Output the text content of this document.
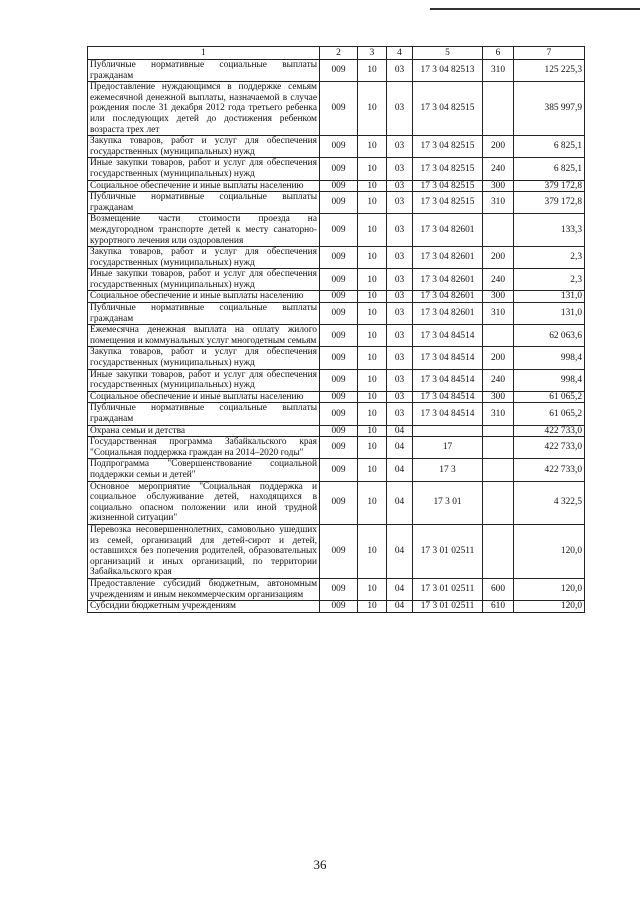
1	2	3	4	5	6	7
Публичные нормативные социальные выплаты гражданам	009	10	03	17 3 04 82513	310	125 225,3
Предоставление нуждающимся в поддержке семьям ежемесячной денежной выплаты, назначаемой в случае рождения после 31 декабря 2012 года третьего ребенка или последующих детей до достижения ребенком возраста трех лет	009	10	03	17 3 04 82515		385 997,9
Закупка товаров, работ и услуг для обеспечения государственных (муниципальных) нужд	009	10	03	17 3 04 82515	200	6 825,1
Иные закупки товаров, работ и услуг для обеспечения государственных (муниципальных) нужд	009	10	03	17 3 04 82515	240	6 825,1
Социальное обеспечение и иные выплаты населению	009	10	03	17 3 04 82515	300	379 172,8
Публичные нормативные социальные выплаты гражданам	009	10	03	17 3 04 82515	310	379 172,8
Возмещение части стоимости проезда на междугородном транспорте детей к месту санаторно-курортного лечения или оздоровления	009	10	03	17 3 04 82601		133,3
Закупка товаров, работ и услуг для обеспечения государственных (муниципальных) нужд	009	10	03	17 3 04 82601	200	2,3
Иные закупки товаров, работ и услуг для обеспечения государственных (муниципальных) нужд	009	10	03	17 3 04 82601	240	2,3
Социальное обеспечение и иные выплаты населению	009	10	03	17 3 04 82601	300	131,0
Публичные нормативные социальные выплаты гражданам	009	10	03	17 3 04 82601	310	131,0
Ежемесячна денежная выплата на оплату жилого помещения и коммунальных услуг многодетным семьям	009	10	03	17 3 04 84514		62 063,6
Закупка товаров, работ и услуг для обеспечения государственных (муниципальных) нужд	009	10	03	17 3 04 84514	200	998,4
Иные закупки товаров, работ и услуг для обеспечения государственных (муниципальных) нужд	009	10	03	17 3 04 84514	240	998,4
Социальное обеспечение и иные выплаты населению	009	10	03	17 3 04 84514	300	61 065,2
Публичные нормативные социальные выплаты гражданам	009	10	03	17 3 04 84514	310	61 065,2
Охрана семьи и детства	009	10	04			422 733,0
Государственная программа Забайкальского края "Социальная поддержка граждан на 2014–2020 годы"	009	10	04	17		422 733,0
Подпрограмма "Совершенствование социальной поддержки семьи и детей"	009	10	04	17 3		422 733,0
Основное мероприятие "Социальная поддержка и социальное обслуживание детей, находящихся в социально опасном положении или иной трудной жизненной ситуации"	009	10	04	17 3 01		4 322,5
Перевозка несовершеннолетних, самовольно ушедших из семей, организаций для детей-сирот и детей, оставшихся без попечения родителей, образовательных организаций и иных организаций, по территории Забайкальского края	009	10	04	17 3 01 02511		120,0
Предоставление субсидий бюджетным, автономным учреждениям и иным некоммерческим организациям	009	10	04	17 3 01 02511	600	120,0
Субсидии бюджетным учреждениям	009	10	04	17 3 01 02511	610	120,0
36
